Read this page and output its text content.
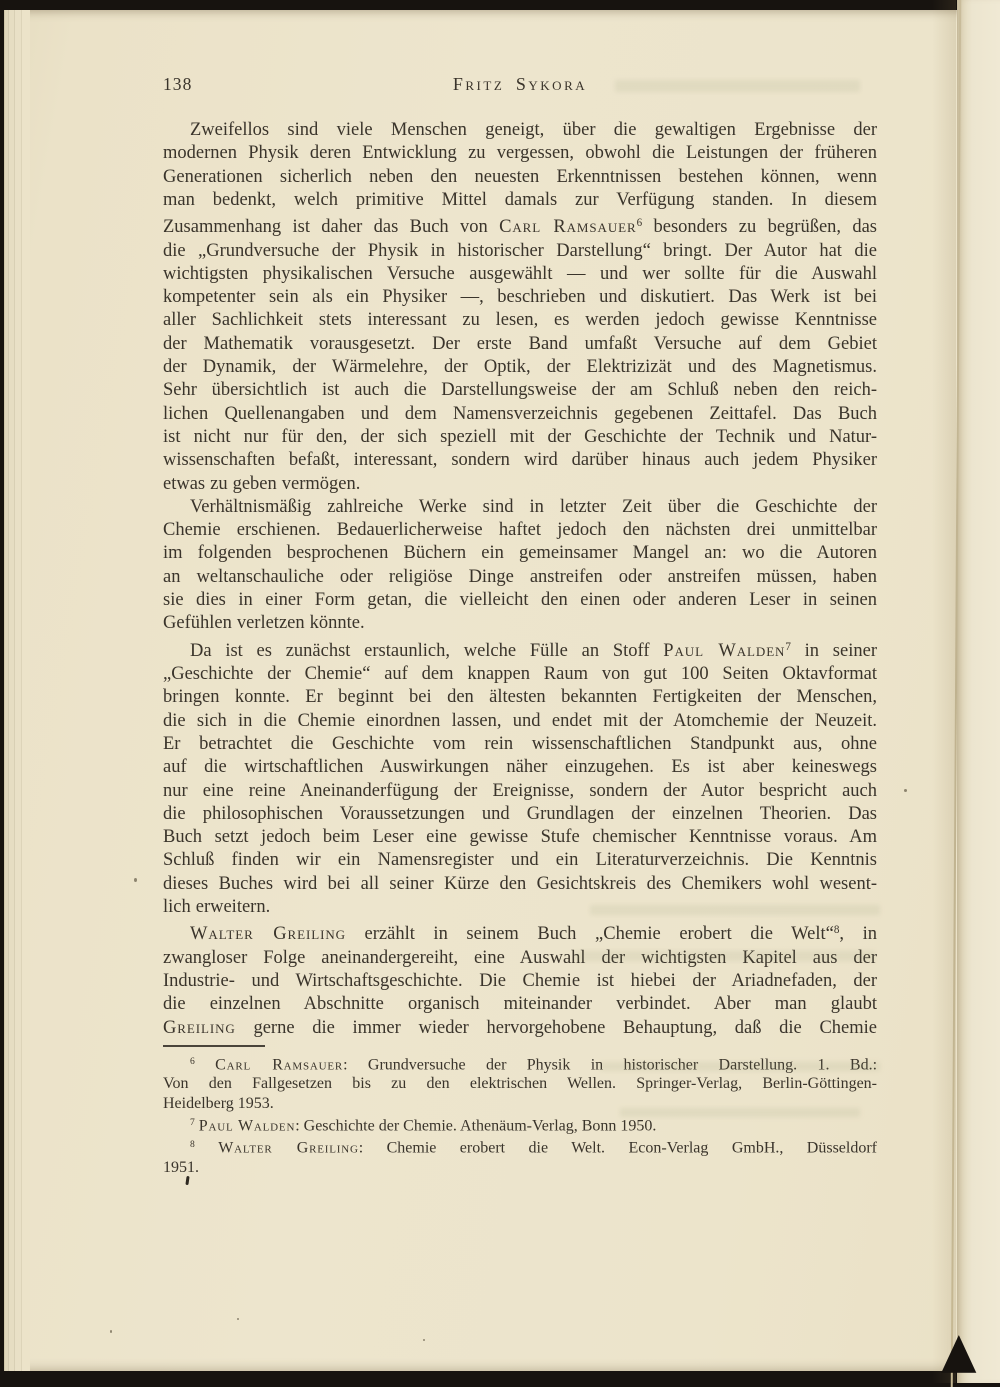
138	Fritz Sykora
Zweifellos sind viele Menschen geneigt, über die gewaltigen Ergebnisse der
modernen Physik deren Entwicklung zu vergessen, obwohl die Leistungen der früheren
Generationen sicherlich neben den neuesten Erkenntnissen bestehen können, wenn
man bedenkt, welch primitive Mittel damals zur Verfügung standen. In diesem
Zusammenhang ist daher das Buch von Carl Ramsauer$^6$ besonders zu begrüßen, das
die „Grundversuche der Physik in historischer Darstellung“ bringt. Der Autor hat die
wichtigsten physikalischen Versuche ausgewählt — und wer sollte für die Auswahl
kompetenter sein als ein Physiker —, beschrieben und diskutiert. Das Werk ist bei
aller Sachlichkeit stets interessant zu lesen, es werden jedoch gewisse Kenntnisse
der Mathematik vorausgesetzt. Der erste Band umfaßt Versuche auf dem Gebiet
der Dynamik, der Wärmelehre, der Optik, der Elektrizizät und des Magnetismus.
Sehr übersichtlich ist auch die Darstellungsweise der am Schluß neben den reich-
lichen Quellenangaben und dem Namensverzeichnis gegebenen Zeittafel. Das Buch
ist nicht nur für den, der sich speziell mit der Geschichte der Technik und Natur-
wissenschaften befaßt, interessant, sondern wird darüber hinaus auch jedem Physiker
etwas zu geben vermögen.
Verhältnismäßig zahlreiche Werke sind in letzter Zeit über die Geschichte der
Chemie erschienen. Bedauerlicherweise haftet jedoch den nächsten drei unmittelbar
im folgenden besprochenen Büchern ein gemeinsamer Mangel an: wo die Autoren
an weltanschauliche oder religiöse Dinge anstreifen oder anstreifen müssen, haben
sie dies in einer Form getan, die vielleicht den einen oder anderen Leser in seinen
Gefühlen verletzen könnte.
Da ist es zunächst erstaunlich, welche Fülle an Stoff Paul Walden$^7$ in seiner
„Geschichte der Chemie“ auf dem knappen Raum von gut 100 Seiten Oktavformat
bringen konnte. Er beginnt bei den ältesten bekannten Fertigkeiten der Menschen,
die sich in die Chemie einordnen lassen, und endet mit der Atomchemie der Neuzeit.
Er betrachtet die Geschichte vom rein wissenschaftlichen Standpunkt aus, ohne
auf die wirtschaftlichen Auswirkungen näher einzugehen. Es ist aber keineswegs
nur eine reine Aneinanderfügung der Ereignisse, sondern der Autor bespricht auch
die philosophischen Voraussetzungen und Grundlagen der einzelnen Theorien. Das
Buch setzt jedoch beim Leser eine gewisse Stufe chemischer Kenntnisse voraus. Am
Schluß finden wir ein Namensregister und ein Literaturverzeichnis. Die Kenntnis
dieses Buches wird bei all seiner Kürze den Gesichtskreis des Chemikers wohl wesent-
lich erweitern.
Walter Greiling erzählt in seinem Buch „Chemie erobert die Welt“$^8$, in
zwangloser Folge aneinandergereiht, eine Auswahl der wichtigsten Kapitel aus der
Industrie- und Wirtschaftsgeschichte. Die Chemie ist hiebei der Ariadnefaden, der
die einzelnen Abschnitte organisch miteinander verbindet. Aber man glaubt
Greiling gerne die immer wieder hervorgehobene Behauptung, daß die Chemie
$^6$ Carl Ramsauer: Grundversuche der Physik in historischer Darstellung. 1. Bd.:
Von den Fallgesetzen bis zu den elektrischen Wellen. Springer-Verlag, Berlin-Göttingen-
Heidelberg 1953.
$^7$ Paul Walden: Geschichte der Chemie. Athenäum-Verlag, Bonn 1950.
$^8$ Walter Greiling: Chemie erobert die Welt. Econ-Verlag GmbH., Düsseldorf
1951.
